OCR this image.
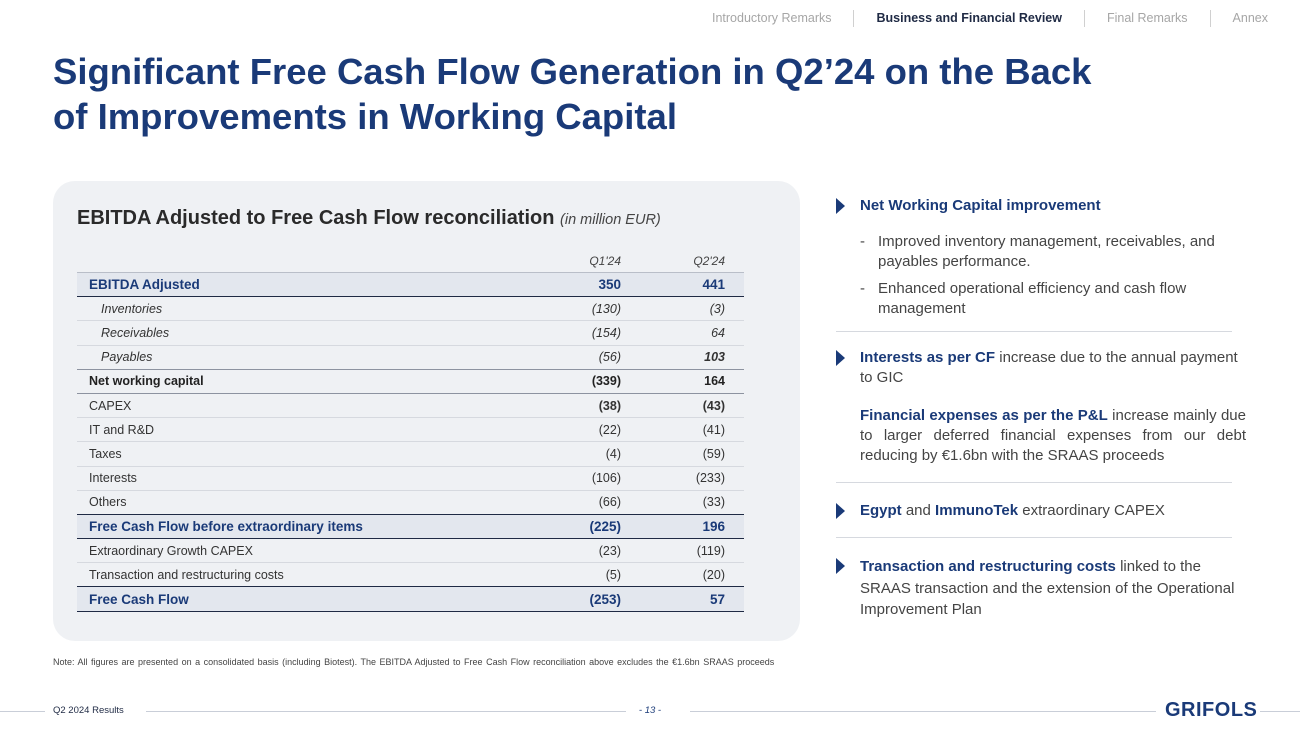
Introductory Remarks	Business and Financial Review	Final Remarks	Annex
Significant Free Cash Flow Generation in Q2’24 on the Back of Improvements in Working Capital
EBITDA Adjusted to Free Cash Flow reconciliation (in million EUR)
Q1'24	Q2'24
EBITDA Adjusted	350	441
Inventories	(130)	(3)
Receivables	(154)	64
Payables	(56)	103
Net working capital	(339)	164
CAPEX	(38)	(43)
IT and R&D	(22)	(41)
Taxes	(4)	(59)
Interests	(106)	(233)
Others	(66)	(33)
Free Cash Flow before extraordinary items	(225)	196
Extraordinary Growth CAPEX	(23)	(119)
Transaction and restructuring costs	(5)	(20)
Free Cash Flow	(253)	57
Net Working Capital improvement
- Improved inventory management, receivables, and payables performance.
- Enhanced operational efficiency and cash flow management
Interests as per CF increase due to the annual payment to GIC
Financial expenses as per the P&L increase mainly due to larger deferred financial expenses from our debt reducing by €1.6bn with the SRAAS proceeds
Egypt and ImmunoTek extraordinary CAPEX
Transaction and restructuring costs linked to the SRAAS transaction and the extension of the Operational Improvement Plan
Note: All figures are presented on a consolidated basis (including Biotest). The EBITDA Adjusted to Free Cash Flow reconciliation above excludes the €1.6bn SRAAS proceeds
Q2 2024 Results	- 13 -	GRIFOLS
